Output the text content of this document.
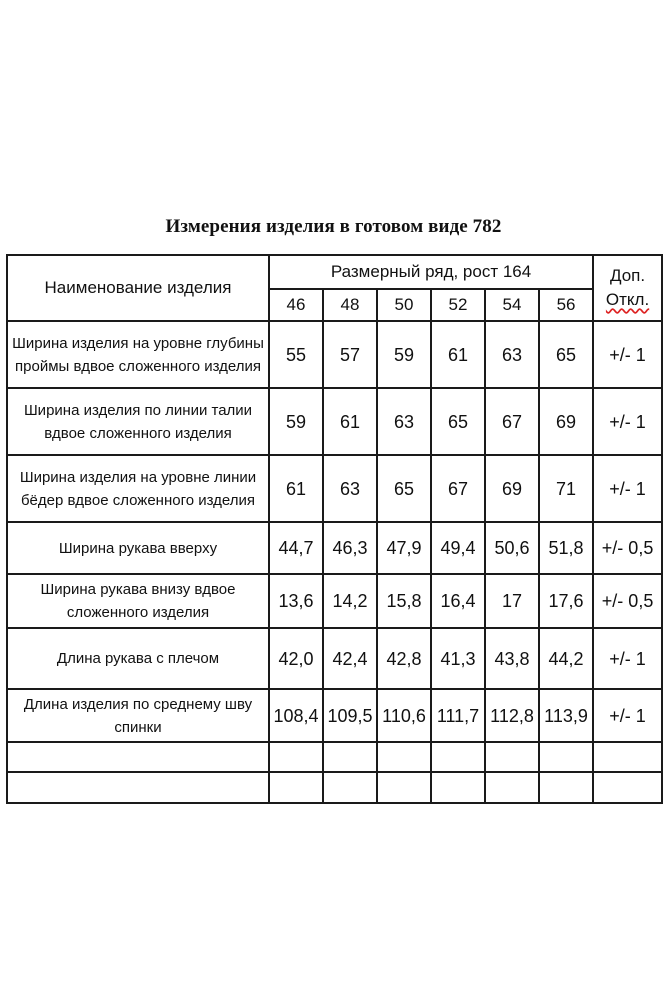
Измерения изделия в готовом виде 782
Наименование изделия	Размерный ряд, рост 164						Доп.
Откл.

	46	48	50	52	54	56	
Ширина изделия на уровне глубины проймы вдвое сложенного изделия	55	57	59	61	63	65	+/- 1
Ширина изделия по линии талии вдвое сложенного изделия	59	61	63	65	67	69	+/- 1
Ширина изделия на уровне линии бёдер вдвое сложенного изделия	61	63	65	67	69	71	+/- 1
Ширина рукава вверху	44,7	46,3	47,9	49,4	50,6	51,8	+/- 0,5
Ширина рукава внизу вдвое сложенного изделия	13,6	14,2	15,8	16,4	17	17,6	+/- 0,5
Длина рукава с плечом	42,0	42,4	42,8	41,3	43,8	44,2	+/- 1
Длина изделия по среднему шву спинки	108,4	109,5	110,6	111,7	112,8	113,9	+/- 1
